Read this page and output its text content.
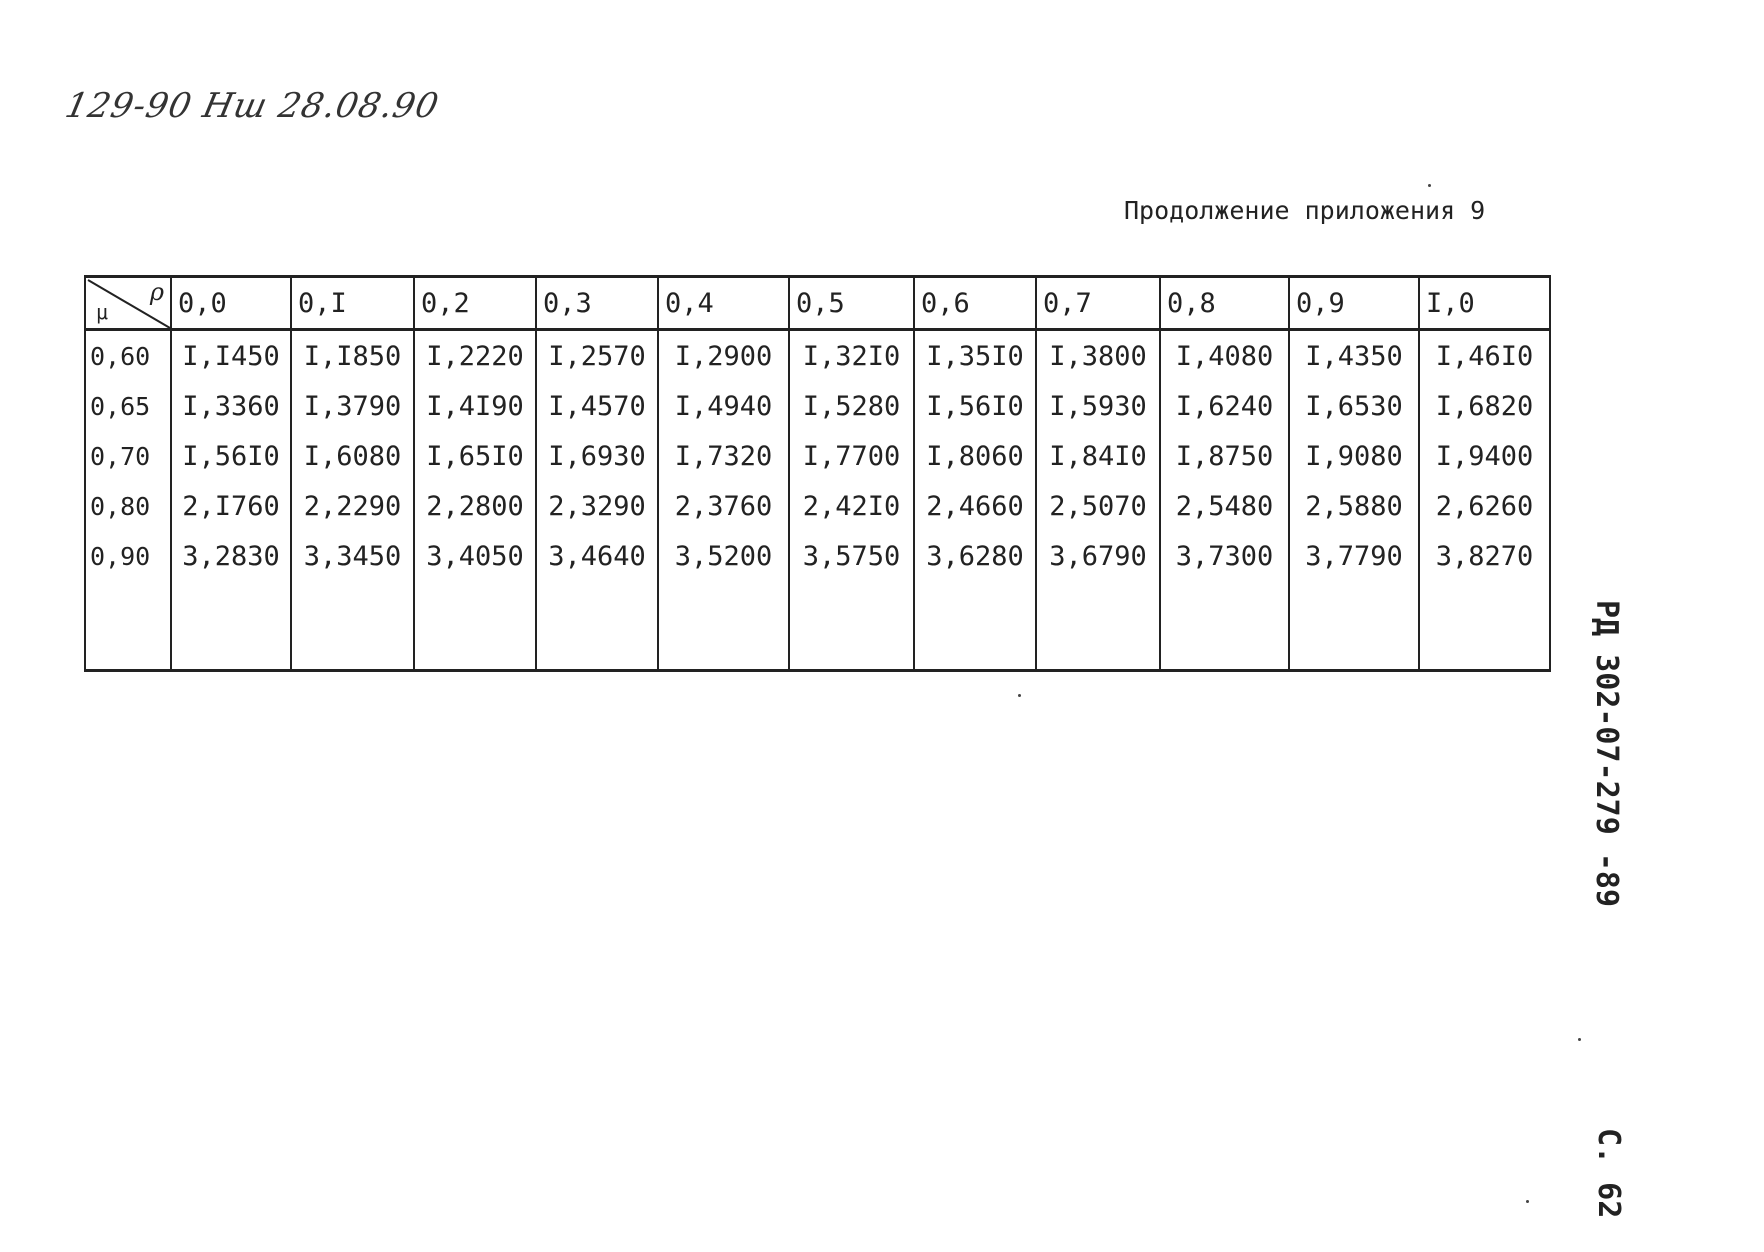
129-90 Нш 28.08.90
Продолжение приложения 9
μ
ρ	0,0	0,I	0,2	0,3	0,4	0,5	0,6	0,7	0,8	0,9	I,0
0,60	I,I450	I,I850	I,2220	I,2570	I,2900	I,32I0	I,35I0	I,3800	I,4080	I,4350	I,46I0
0,65	I,3360	I,3790	I,4I90	I,4570	I,4940	I,5280	I,56I0	I,5930	I,6240	I,6530	I,6820
0,70	I,56I0	I,6080	I,65I0	I,6930	I,7320	I,7700	I,8060	I,84I0	I,8750	I,9080	I,9400
0,80	2,I760	2,2290	2,2800	2,3290	2,3760	2,42I0	2,4660	2,5070	2,5480	2,5880	2,6260
0,90	3,2830	3,3450	3,4050	3,4640	3,5200	3,5750	3,6280	3,6790	3,7300	3,7790	3,8270

РД 302-07-279 -89
С. 62
